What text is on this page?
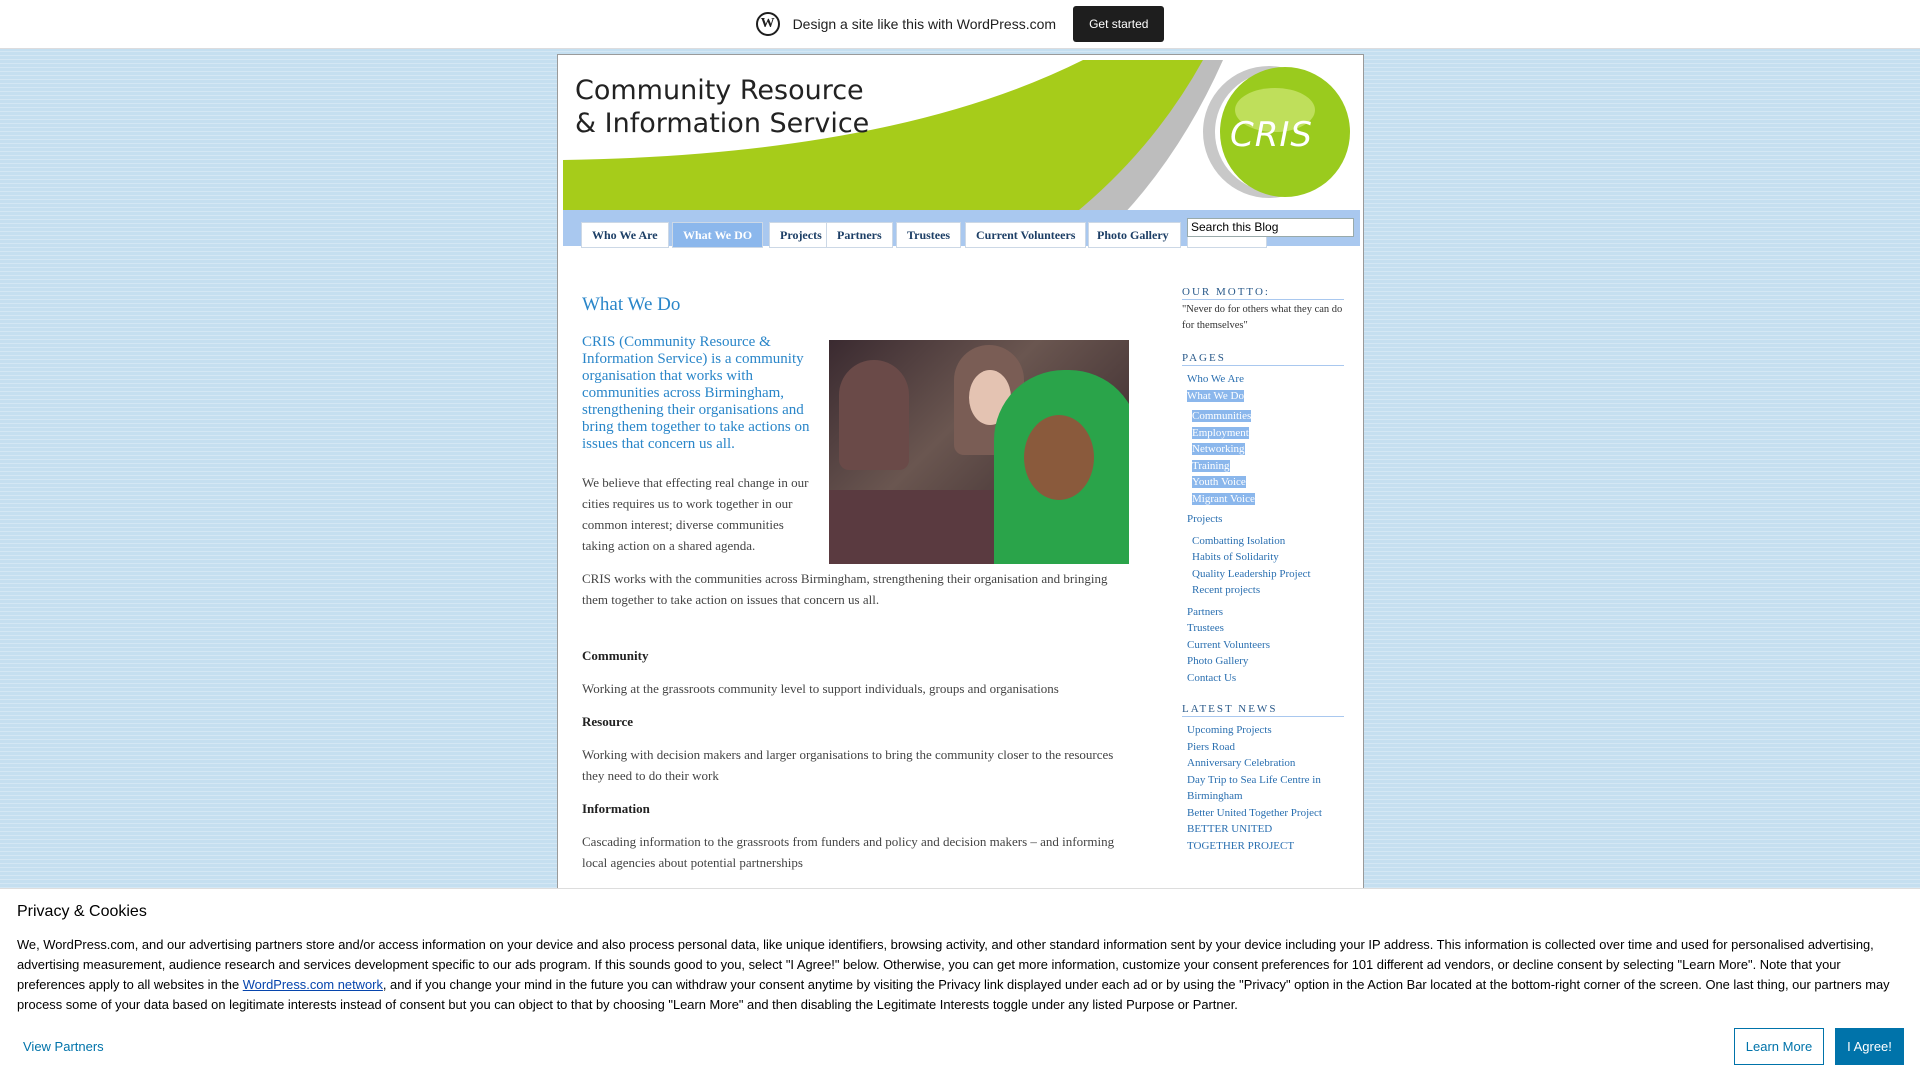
W	Design a site like this with WordPress.com	Get started
Community Resource
& Information Service	CRIS
Who We Are	What We DO	Projects	Partners	Trustees	Current Volunteers	Photo Gallery
Search this Blog
What We Do
CRIS (Community Resource & Information Service) is a community organisation that works with communities across Birmingham, strengthening their organisations and bring them together to take actions on issues that concern us all.
We believe that effecting real change in our cities requires us to work together in our common interest; diverse communities taking action on a shared agenda.
CRIS works with the communities across Birmingham, strengthening their organisation and bringing them together to take action on issues that concern us all.
Community
Working at the grassroots community level to support individuals, groups and organisations
Resource
Working with decision makers and larger organisations to bring the community closer to the resources they need to do their work
Information
Cascading information to the grassroots from funders and policy and decision makers – and informing local agencies about potential partnerships
OUR MOTTO:
"Never do for others what they can do for themselves"
PAGES
Who We Are
What We Do
Communities
Employment
Networking
Training
Youth Voice
Migrant Voice
Projects
Combatting Isolation
Habits of Solidarity
Quality Leadership Project
Recent projects
Partners
Trustees
Current Volunteers
Photo Gallery
Contact Us
LATEST NEWS
Upcoming Projects
Piers Road
Anniversary Celebration
Day Trip to Sea Life Centre in Birmingham
Better United Together Project
BETTER UNITED TOGETHER PROJECT
Privacy & Cookies
We, WordPress.com, and our advertising partners store and/or access information on your device and also process personal data, like unique identifiers, browsing activity, and other standard information sent by your device including your IP address. This information is collected over time and used for personalised advertising, advertising measurement, audience research and services development specific to our ads program. If this sounds good to you, select "I Agree!" below. Otherwise, you can get more information, customize your consent preferences for 101 different ad vendors, or decline consent by selecting "Learn More". Note that your preferences apply to all websites in the WordPress.com network, and if you change your mind in the future you can withdraw your consent anytime by visiting the Privacy link displayed under each ad or by using the "Privacy" option in the Action Bar located at the bottom-right corner of the screen. One last thing, our partners may process some of your data based on legitimate interests instead of consent but you can object to that by choosing "Learn More" and then disabling the Legitimate Interests toggle under any listed Purpose or Partner.
View Partners	Learn More	I Agree!
